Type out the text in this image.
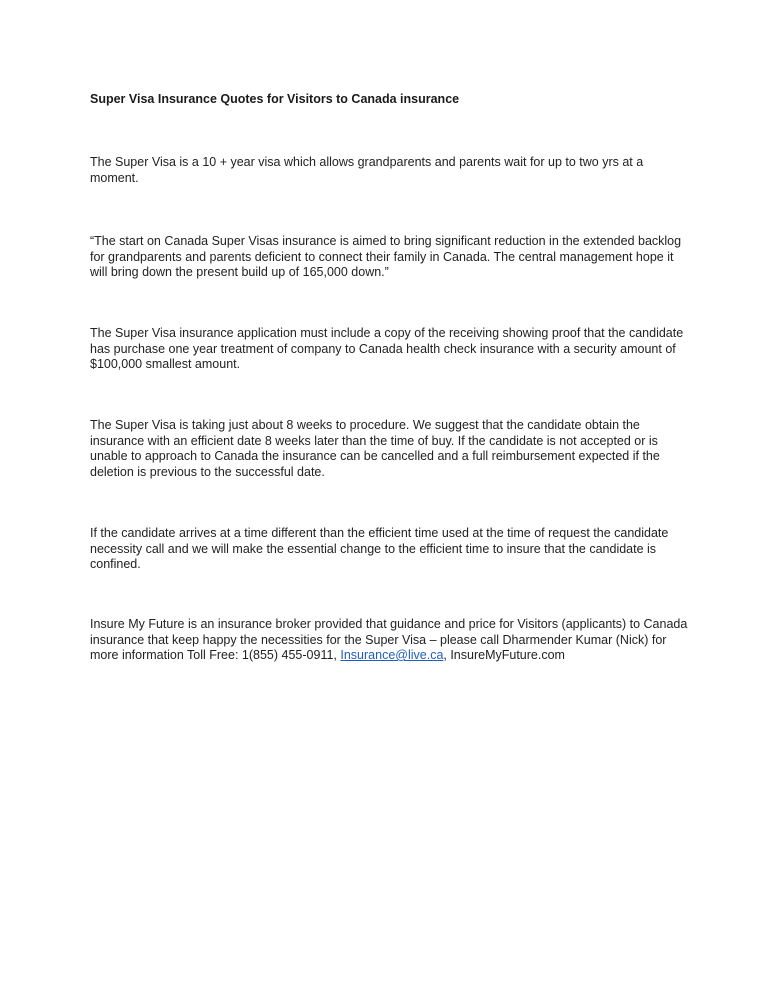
Super Visa Insurance Quotes for Visitors to Canada insurance

The Super Visa is a 10 + year visa which allows grandparents and parents wait for up to two yrs at a moment.

“The start on Canada Super Visas insurance is aimed to bring significant reduction in the extended backlog for grandparents and parents deficient to connect their family in Canada. The central management hope it will bring down the present build up of 165,000 down.”

The Super Visa insurance application must include a copy of the receiving showing proof that the candidate has purchase one year treatment of company to Canada health check insurance with a security amount of $100,000 smallest amount.

The Super Visa is taking just about 8 weeks to procedure. We suggest that the candidate obtain the insurance with an efficient date 8 weeks later than the time of buy. If the candidate is not accepted or is unable to approach to Canada the insurance can be cancelled and a full reimbursement expected if the deletion is previous to the successful date.

If the candidate arrives at a time different than the efficient time used at the time of request the candidate necessity call and we will make the essential change to the efficient time to insure that the candidate is confined.

Insure My Future is an insurance broker provided that guidance and price for Visitors (applicants) to Canada insurance that keep happy the necessities for the Super Visa – please call Dharmender Kumar (Nick) for more information Toll Free: 1(855) 455-0911, Insurance@live.ca, InsureMyFuture.com
